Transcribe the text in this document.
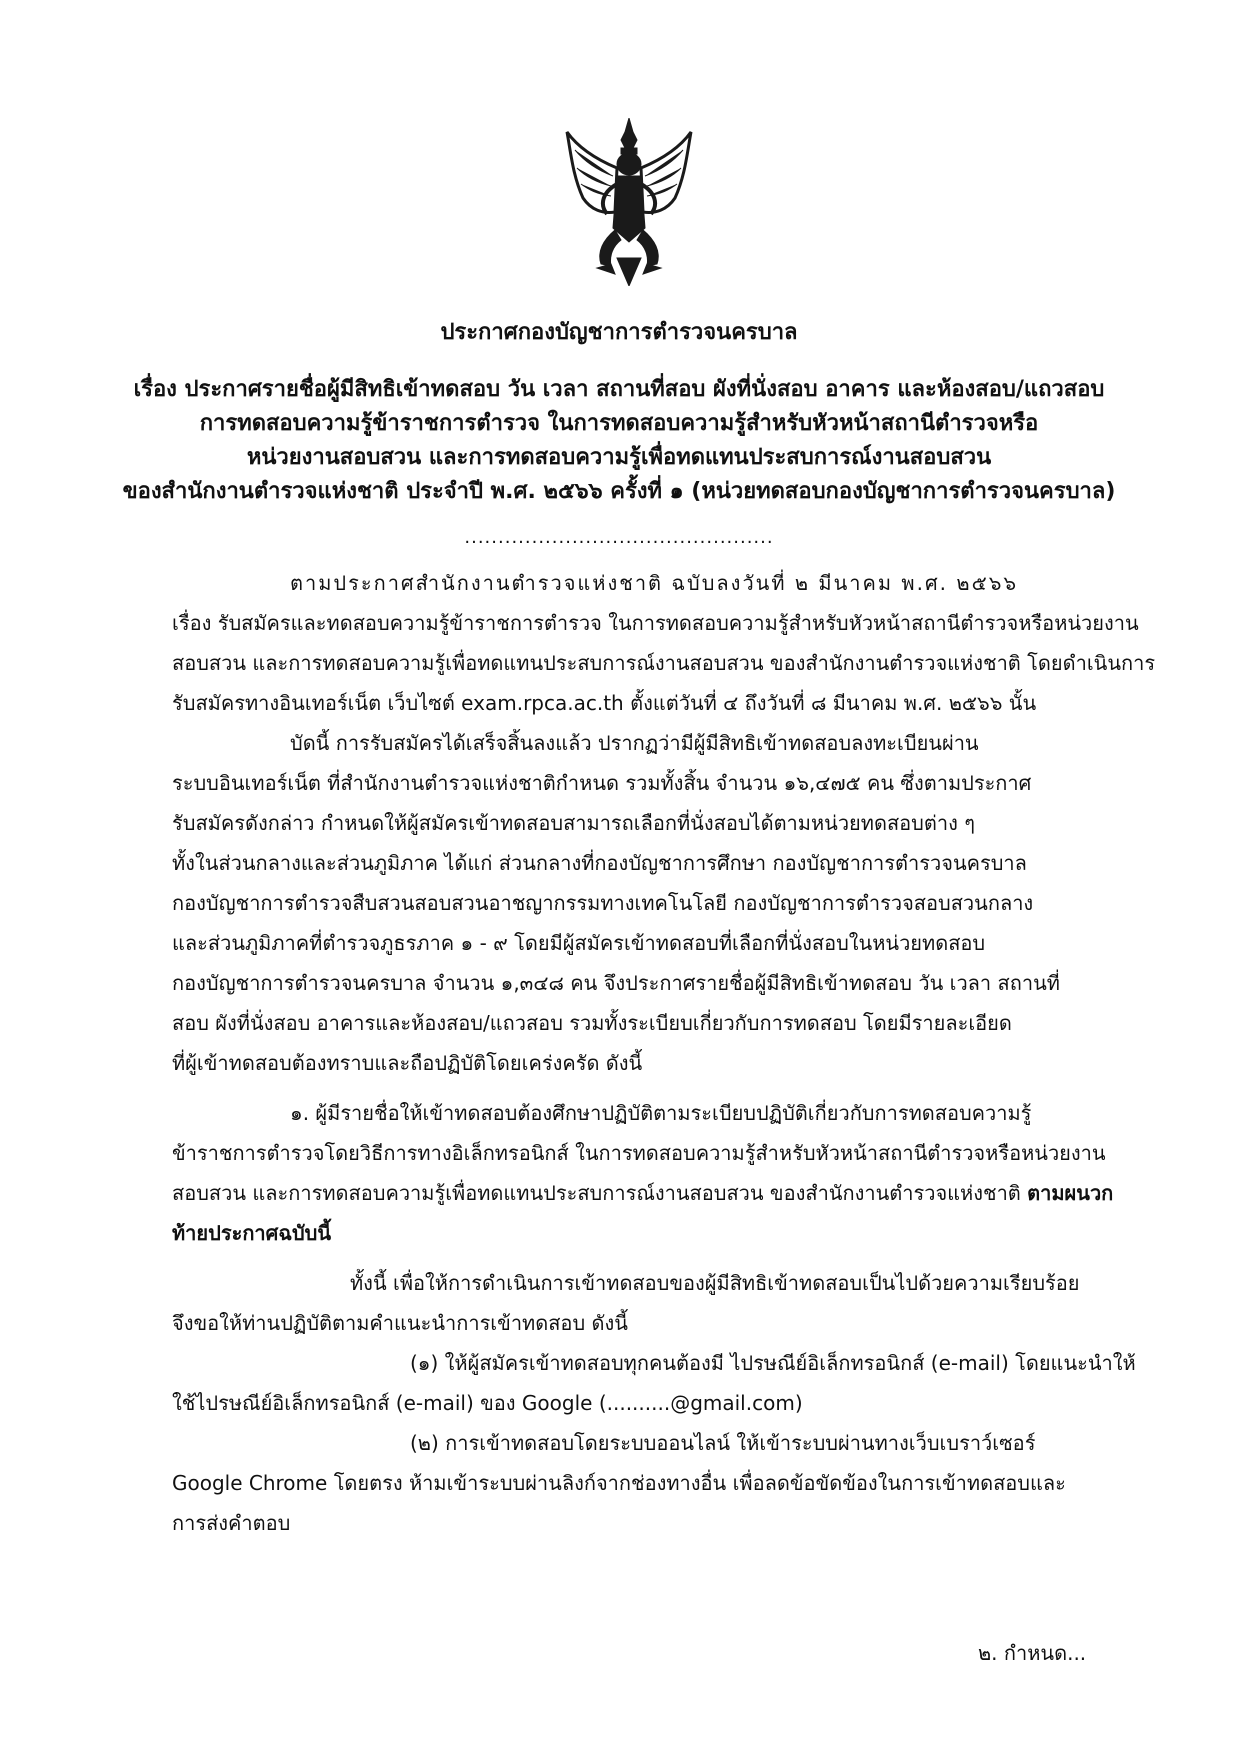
ประกาศกองบัญชาการตำรวจนครบาล
เรื่อง ประกาศรายชื่อผู้มีสิทธิเข้าทดสอบ วัน เวลา สถานที่สอบ ผังที่นั่งสอบ อาคาร และห้องสอบ/แถวสอบ
การทดสอบความรู้ข้าราชการตำรวจ ในการทดสอบความรู้สำหรับหัวหน้าสถานีตำรวจหรือ
หน่วยงานสอบสวน และการทดสอบความรู้เพื่อทดแทนประสบการณ์งานสอบสวน
ของสำนักงานตำรวจแห่งชาติ ประจำปี พ.ศ. ๒๕๖๖ ครั้งที่ ๑ (หน่วยทดสอบกองบัญชาการตำรวจนครบาล)
..............................................
ตามประกาศสำนักงานตำรวจแห่งชาติ ฉบับลงวันที่ ๒ มีนาคม พ.ศ. ๒๕๖๖
เรื่อง รับสมัครและทดสอบความรู้ข้าราชการตำรวจ ในการทดสอบความรู้สำหรับหัวหน้าสถานีตำรวจหรือหน่วยงาน
สอบสวน และการทดสอบความรู้เพื่อทดแทนประสบการณ์งานสอบสวน ของสำนักงานตำรวจแห่งชาติ โดยดำเนินการ
รับสมัครทางอินเทอร์เน็ต เว็บไซต์ exam.rpca.ac.th ตั้งแต่วันที่ ๔ ถึงวันที่ ๘ มีนาคม พ.ศ. ๒๕๖๖ นั้น
บัดนี้ การรับสมัครได้เสร็จสิ้นลงแล้ว ปรากฏว่ามีผู้มีสิทธิเข้าทดสอบลงทะเบียนผ่าน
ระบบอินเทอร์เน็ต ที่สำนักงานตำรวจแห่งชาติกำหนด รวมทั้งสิ้น จำนวน ๑๖,๔๗๕ คน ซึ่งตามประกาศ
รับสมัครดังกล่าว กำหนดให้ผู้สมัครเข้าทดสอบสามารถเลือกที่นั่งสอบได้ตามหน่วยทดสอบต่าง ๆ
ทั้งในส่วนกลางและส่วนภูมิภาค ได้แก่ ส่วนกลางที่กองบัญชาการศึกษา กองบัญชาการตำรวจนครบาล
กองบัญชาการตำรวจสืบสวนสอบสวนอาชญากรรมทางเทคโนโลยี กองบัญชาการตำรวจสอบสวนกลาง
และส่วนภูมิภาคที่ตำรวจภูธรภาค ๑ - ๙ โดยมีผู้สมัครเข้าทดสอบที่เลือกที่นั่งสอบในหน่วยทดสอบ
กองบัญชาการตำรวจนครบาล จำนวน ๑,๓๔๘ คน จึงประกาศรายชื่อผู้มีสิทธิเข้าทดสอบ วัน เวลา สถานที่
สอบ ผังที่นั่งสอบ อาคารและห้องสอบ/แถวสอบ รวมทั้งระเบียบเกี่ยวกับการทดสอบ โดยมีรายละเอียด
ที่ผู้เข้าทดสอบต้องทราบและถือปฏิบัติโดยเคร่งครัด ดังนี้
๑. ผู้มีรายชื่อให้เข้าทดสอบต้องศึกษาปฏิบัติตามระเบียบปฏิบัติเกี่ยวกับการทดสอบความรู้
ข้าราชการตำรวจโดยวิธีการทางอิเล็กทรอนิกส์ ในการทดสอบความรู้สำหรับหัวหน้าสถานีตำรวจหรือหน่วยงาน
สอบสวน และการทดสอบความรู้เพื่อทดแทนประสบการณ์งานสอบสวน ของสำนักงานตำรวจแห่งชาติ ตามผนวก
ท้ายประกาศฉบับนี้
ทั้งนี้ เพื่อให้การดำเนินการเข้าทดสอบของผู้มีสิทธิเข้าทดสอบเป็นไปด้วยความเรียบร้อย
จึงขอให้ท่านปฏิบัติตามคำแนะนำการเข้าทดสอบ ดังนี้
(๑) ให้ผู้สมัครเข้าทดสอบทุกคนต้องมี ไปรษณีย์อิเล็กทรอนิกส์ (e-mail) โดยแนะนำให้
ใช้ไปรษณีย์อิเล็กทรอนิกส์ (e-mail) ของ Google (..........@gmail.com)
(๒) การเข้าทดสอบโดยระบบออนไลน์ ให้เข้าระบบผ่านทางเว็บเบราว์เซอร์
Google Chrome โดยตรง ห้ามเข้าระบบผ่านลิงก์จากช่องทางอื่น เพื่อลดข้อขัดข้องในการเข้าทดสอบและ
การส่งคำตอบ
๒. กำหนด...
